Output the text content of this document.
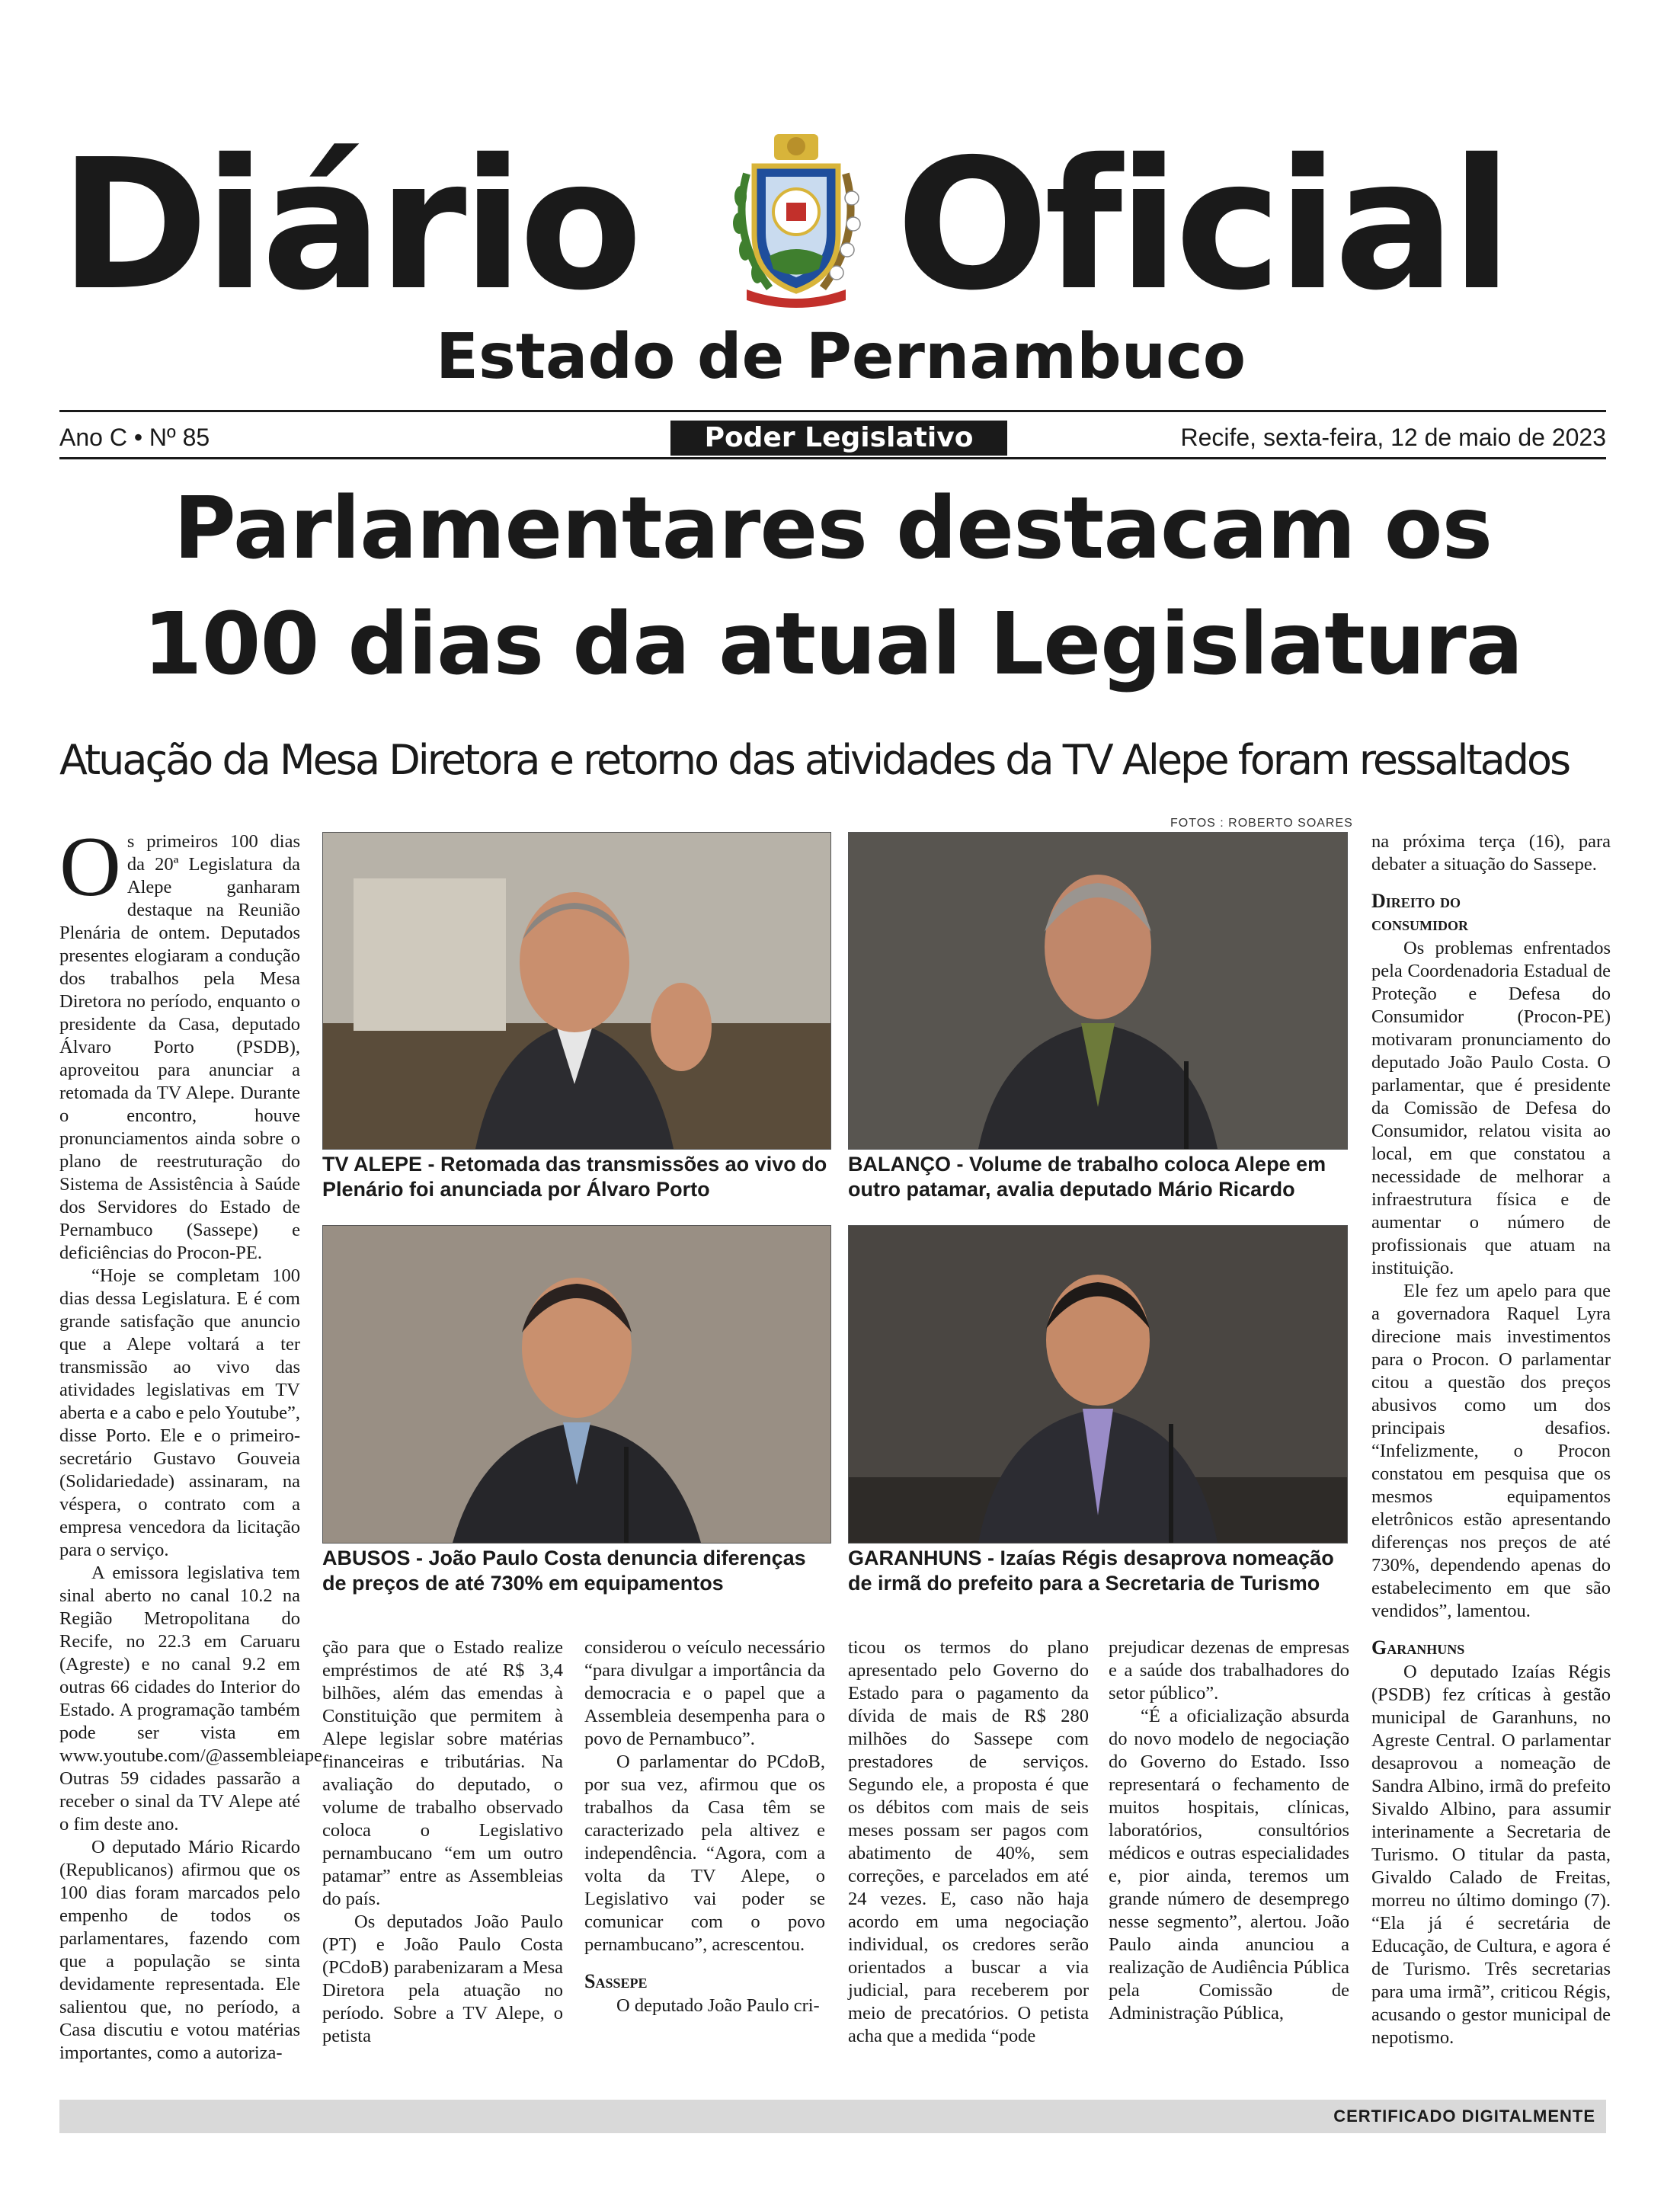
Diário Oficial
Estado de Pernambuco
Ano C • Nº 85	Poder Legislativo	Recife, sexta-feira, 12 de maio de 2023
Parlamentares destacam os
100 dias da atual Legislatura
Atuação da Mesa Diretora e retorno das atividades da TV Alepe foram ressaltados
FOTOS : ROBERTO SOARES

Os primeiros 100 dias da 20ª Legislatura da Alepe ganharam destaque na Reunião Plenária de ontem. Deputados presentes elogiaram a condução dos trabalhos pela Mesa Diretora no período, enquanto o presidente da Casa, deputado Álvaro Porto (PSDB), aproveitou para anunciar a retomada da TV Alepe. Durante o encontro, houve pronunciamentos ainda sobre o plano de reestruturação do Sistema de Assistência à Saúde dos Servidores do Estado de Pernambuco (Sassepe) e deficiências do Procon-PE.

“Hoje se completam 100 dias dessa Legislatura. E é com grande satisfação que anuncio que a Alepe voltará a ter transmissão ao vivo das atividades legislativas em TV aberta e a cabo e pelo Youtube”, disse Porto. Ele e o primeiro-secretário Gustavo Gouveia (Solidariedade) assinaram, na véspera, o contrato com a empresa vencedora da licitação para o serviço.

A emissora legislativa tem sinal aberto no canal 10.2 na Região Metropolitana do Recife, no 22.3 em Caruaru (Agreste) e no canal 9.2 em outras 66 cidades do Interior do Estado. A programação também pode ser vista em www.youtube.com/@assembleiape. Outras 59 cidades passarão a receber o sinal da TV Alepe até o fim deste ano.

O deputado Mário Ricardo (Republicanos) afirmou que os 100 dias foram marcados pelo empenho de todos os parlamentares, fazendo com que a população se sinta devidamente representada. Ele salientou que, no período, a Casa discutiu e votou matérias importantes, como a autoriza-

TV ALEPE - Retomada das transmissões ao vivo do Plenário foi anunciada por Álvaro Porto
BALANÇO - Volume de trabalho coloca Alepe em outro patamar, avalia deputado Mário Ricardo
ABUSOS - João Paulo Costa denuncia diferenças de preços de até 730% em equipamentos
GARANHUNS - Izaías Régis desaprova nomeação de irmã do prefeito para a Secretaria de Turismo

ção para que o Estado realize empréstimos de até R$ 3,4 bilhões, além das emendas à Constituição que permitem à Alepe legislar sobre matérias financeiras e tributárias. Na avaliação do deputado, o volume de trabalho observado coloca o Legislativo pernambucano “em um outro patamar” entre as Assembleias do país.

Os deputados João Paulo (PT) e João Paulo Costa (PCdoB) parabenizaram a Mesa Diretora pela atuação no período. Sobre a TV Alepe, o petista

considerou o veículo necessário “para divulgar a importância da democracia e o papel que a Assembleia desempenha para o povo de Pernambuco”.

O parlamentar do PCdoB, por sua vez, afirmou que os trabalhos da Casa têm se caracterizado pela altivez e independência. “Agora, com a volta da TV Alepe, o Legislativo vai poder se comunicar com o povo pernambucano”, acrescentou.

Sassepe

O deputado João Paulo cri-

ticou os termos do plano apresentado pelo Governo do Estado para o pagamento da dívida de mais de R$ 280 milhões do Sassepe com prestadores de serviços. Segundo ele, a proposta é que os débitos com mais de seis meses possam ser pagos com abatimento de 40%, sem correções, e parcelados em até 24 vezes. E, caso não haja acordo em uma negociação individual, os credores serão orientados a buscar a via judicial, para receberem por meio de precatórios. O petista acha que a medida “pode

prejudicar dezenas de empresas e a saúde dos trabalhadores do setor público”.

“É a oficialização absurda do novo modelo de negociação do Governo do Estado. Isso representará o fechamento de muitos hospitais, clínicas, laboratórios, consultórios médicos e outras especialidades e, pior ainda, teremos um grande número de desemprego nesse segmento”, alertou. João Paulo ainda anunciou a realização de Audiência Pública pela Comissão de Administração Pública,

na próxima terça (16), para debater a situação do Sassepe.

Direito do
consumidor

Os problemas enfrentados pela Coordenadoria Estadual de Proteção e Defesa do Consumidor (Procon-PE) motivaram pronunciamento do deputado João Paulo Costa. O parlamentar, que é presidente da Comissão de Defesa do Consumidor, relatou visita ao local, em que constatou a necessidade de melhorar a infraestrutura física e de aumentar o número de profissionais que atuam na instituição.

Ele fez um apelo para que a governadora Raquel Lyra direcione mais investimentos para o Procon. O parlamentar citou a questão dos preços abusivos como um dos principais desafios. “Infelizmente, o Procon constatou em pesquisa que os mesmos equipamentos eletrônicos estão apresentando diferenças nos preços de até 730%, dependendo apenas do estabelecimento em que são vendidos”, lamentou.

Garanhuns

O deputado Izaías Régis (PSDB) fez críticas à gestão municipal de Garanhuns, no Agreste Central. O parlamentar desaprovou a nomeação de Sandra Albino, irmã do prefeito Sivaldo Albino, para assumir interinamente a Secretaria de Turismo. O titular da pasta, Givaldo Calado de Freitas, morreu no último domingo (7). “Ela já é secretária de Educação, de Cultura, e agora é de Turismo. Três secretarias para uma irmã”, criticou Régis, acusando o gestor municipal de nepotismo.

CERTIFICADO DIGITALMENTE
